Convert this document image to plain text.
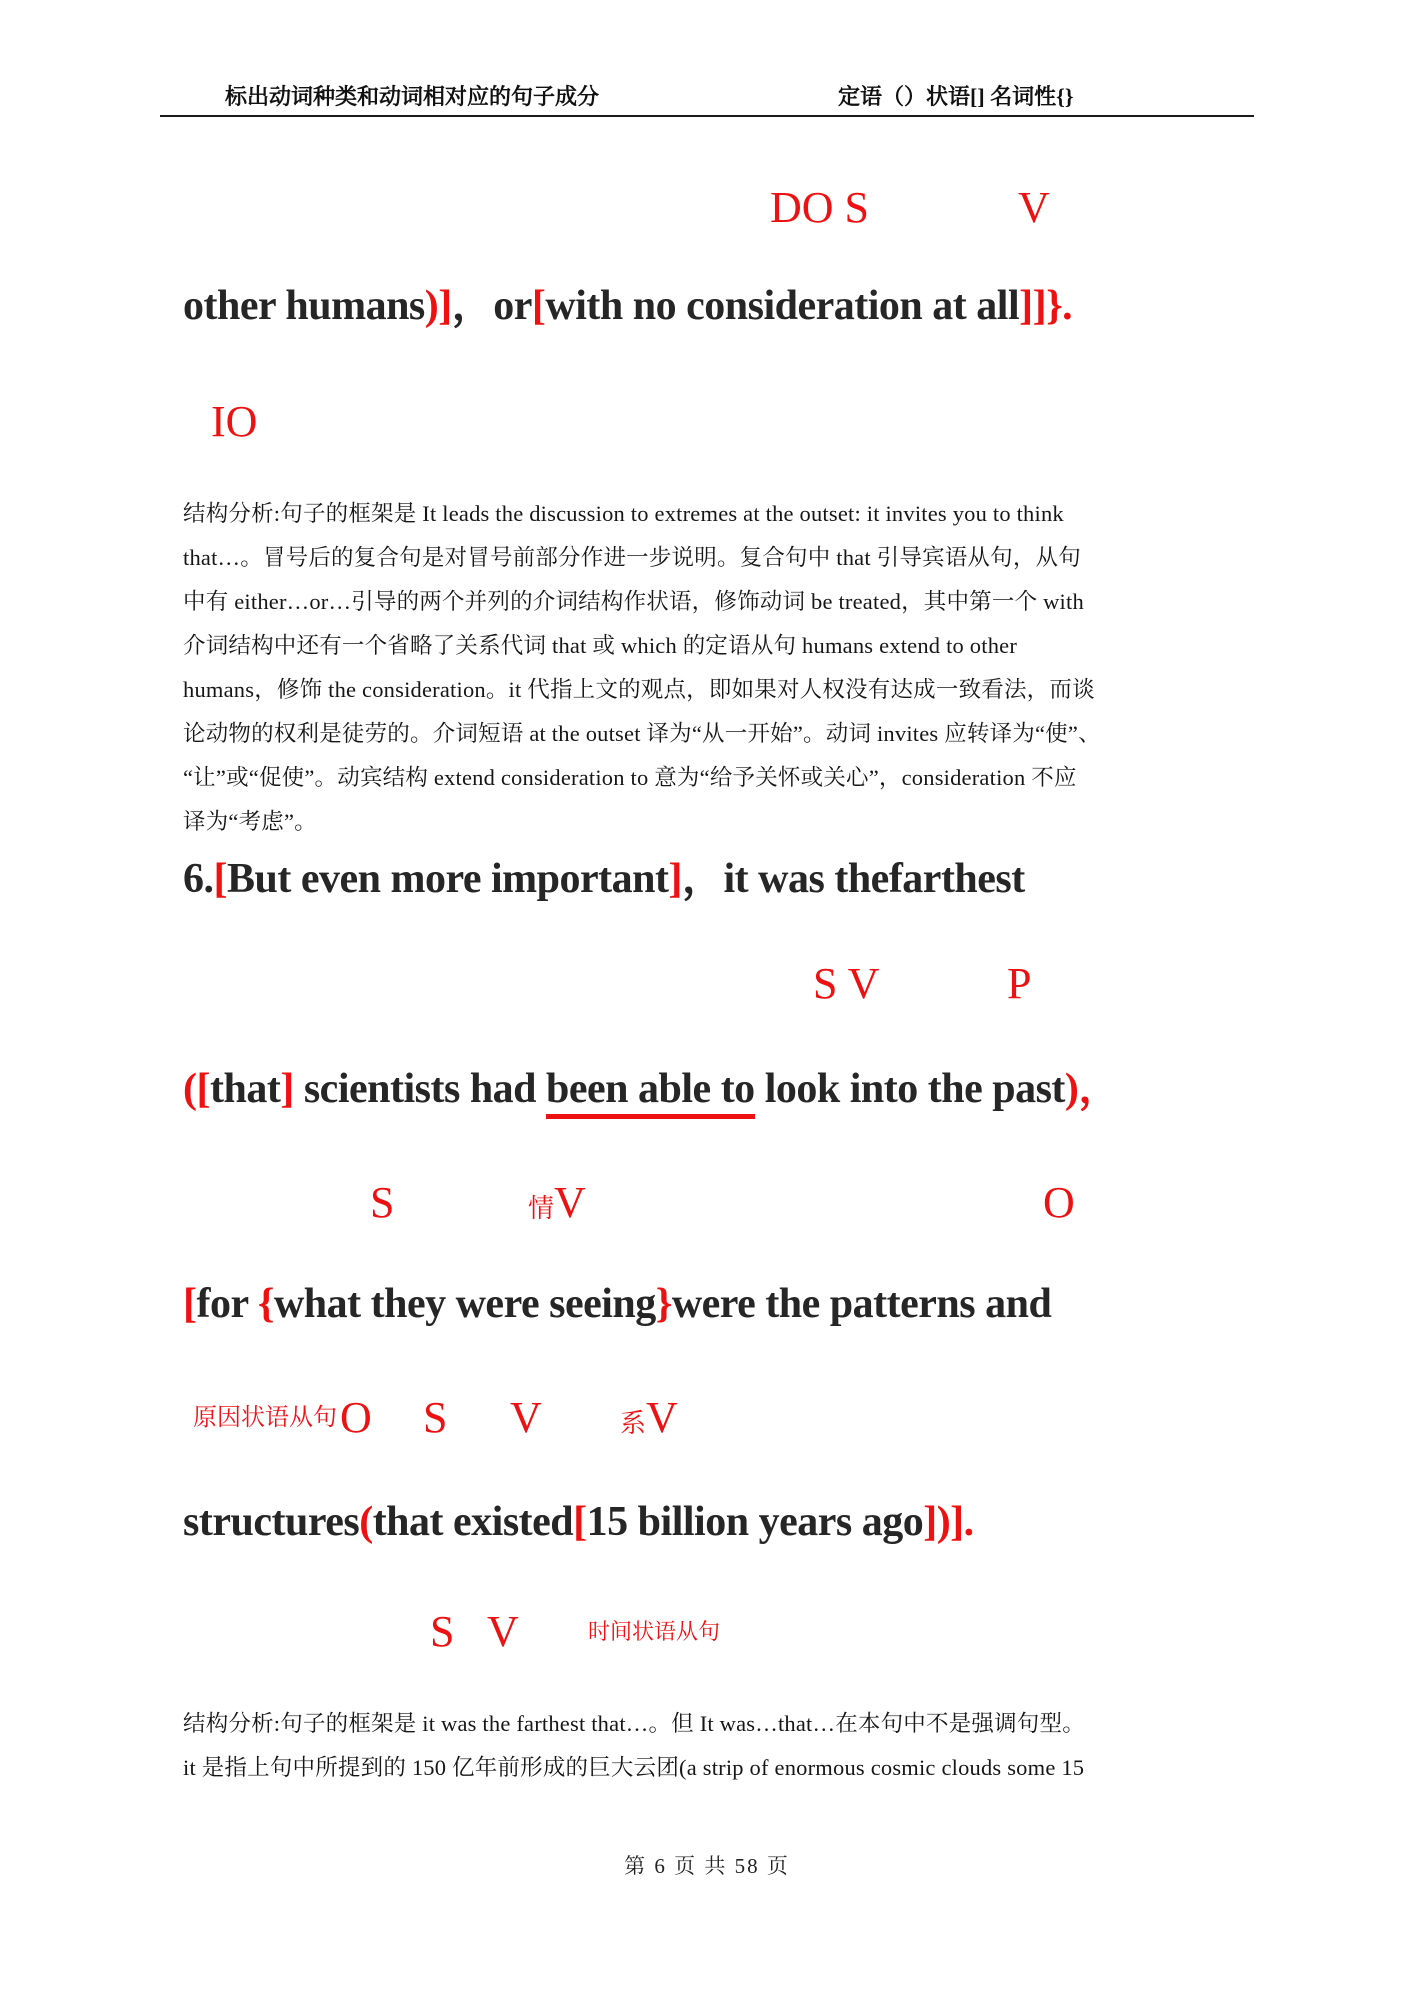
标出动词种类和动词相对应的句子成分	定语（）状语[] 名词性{}
DO S	V
other humans)]，or[with no consideration at all]]}.
IO
结构分析:句子的框架是 It leads the discussion to extremes at the outset: it invites you to think
that…。冒号后的复合句是对冒号前部分作进一步说明。复合句中 that 引导宾语从句，从句
中有 either…or…引导的两个并列的介词结构作状语，修饰动词 be treated，其中第一个 with
介词结构中还有一个省略了关系代词 that 或 which 的定语从句 humans extend to other
humans，修饰 the consideration。it 代指上文的观点，即如果对人权没有达成一致看法，而谈
论动物的权利是徒劳的。介词短语 at the outset 译为“从一开始”。动词 invites 应转译为“使”、
“让”或“促使”。动宾结构 extend consideration to 意为“给予关怀或关心”，consideration 不应
译为“考虑”。
6.[But even more important]，it was thefarthest
S V	P
([that] scientists had been able to look into the past)，
S	情V	O
[for {what they were seeing}were the patterns and
原因状语从句 O S V	系V
structures(that existed[15 billion years ago])].
S V	时间状语从句
结构分析:句子的框架是 it was the farthest that…。但 It was…that…在本句中不是强调句型。
it 是指上句中所提到的 150 亿年前形成的巨大云团(a strip of enormous cosmic clouds some 15
第 6 页 共 58 页
